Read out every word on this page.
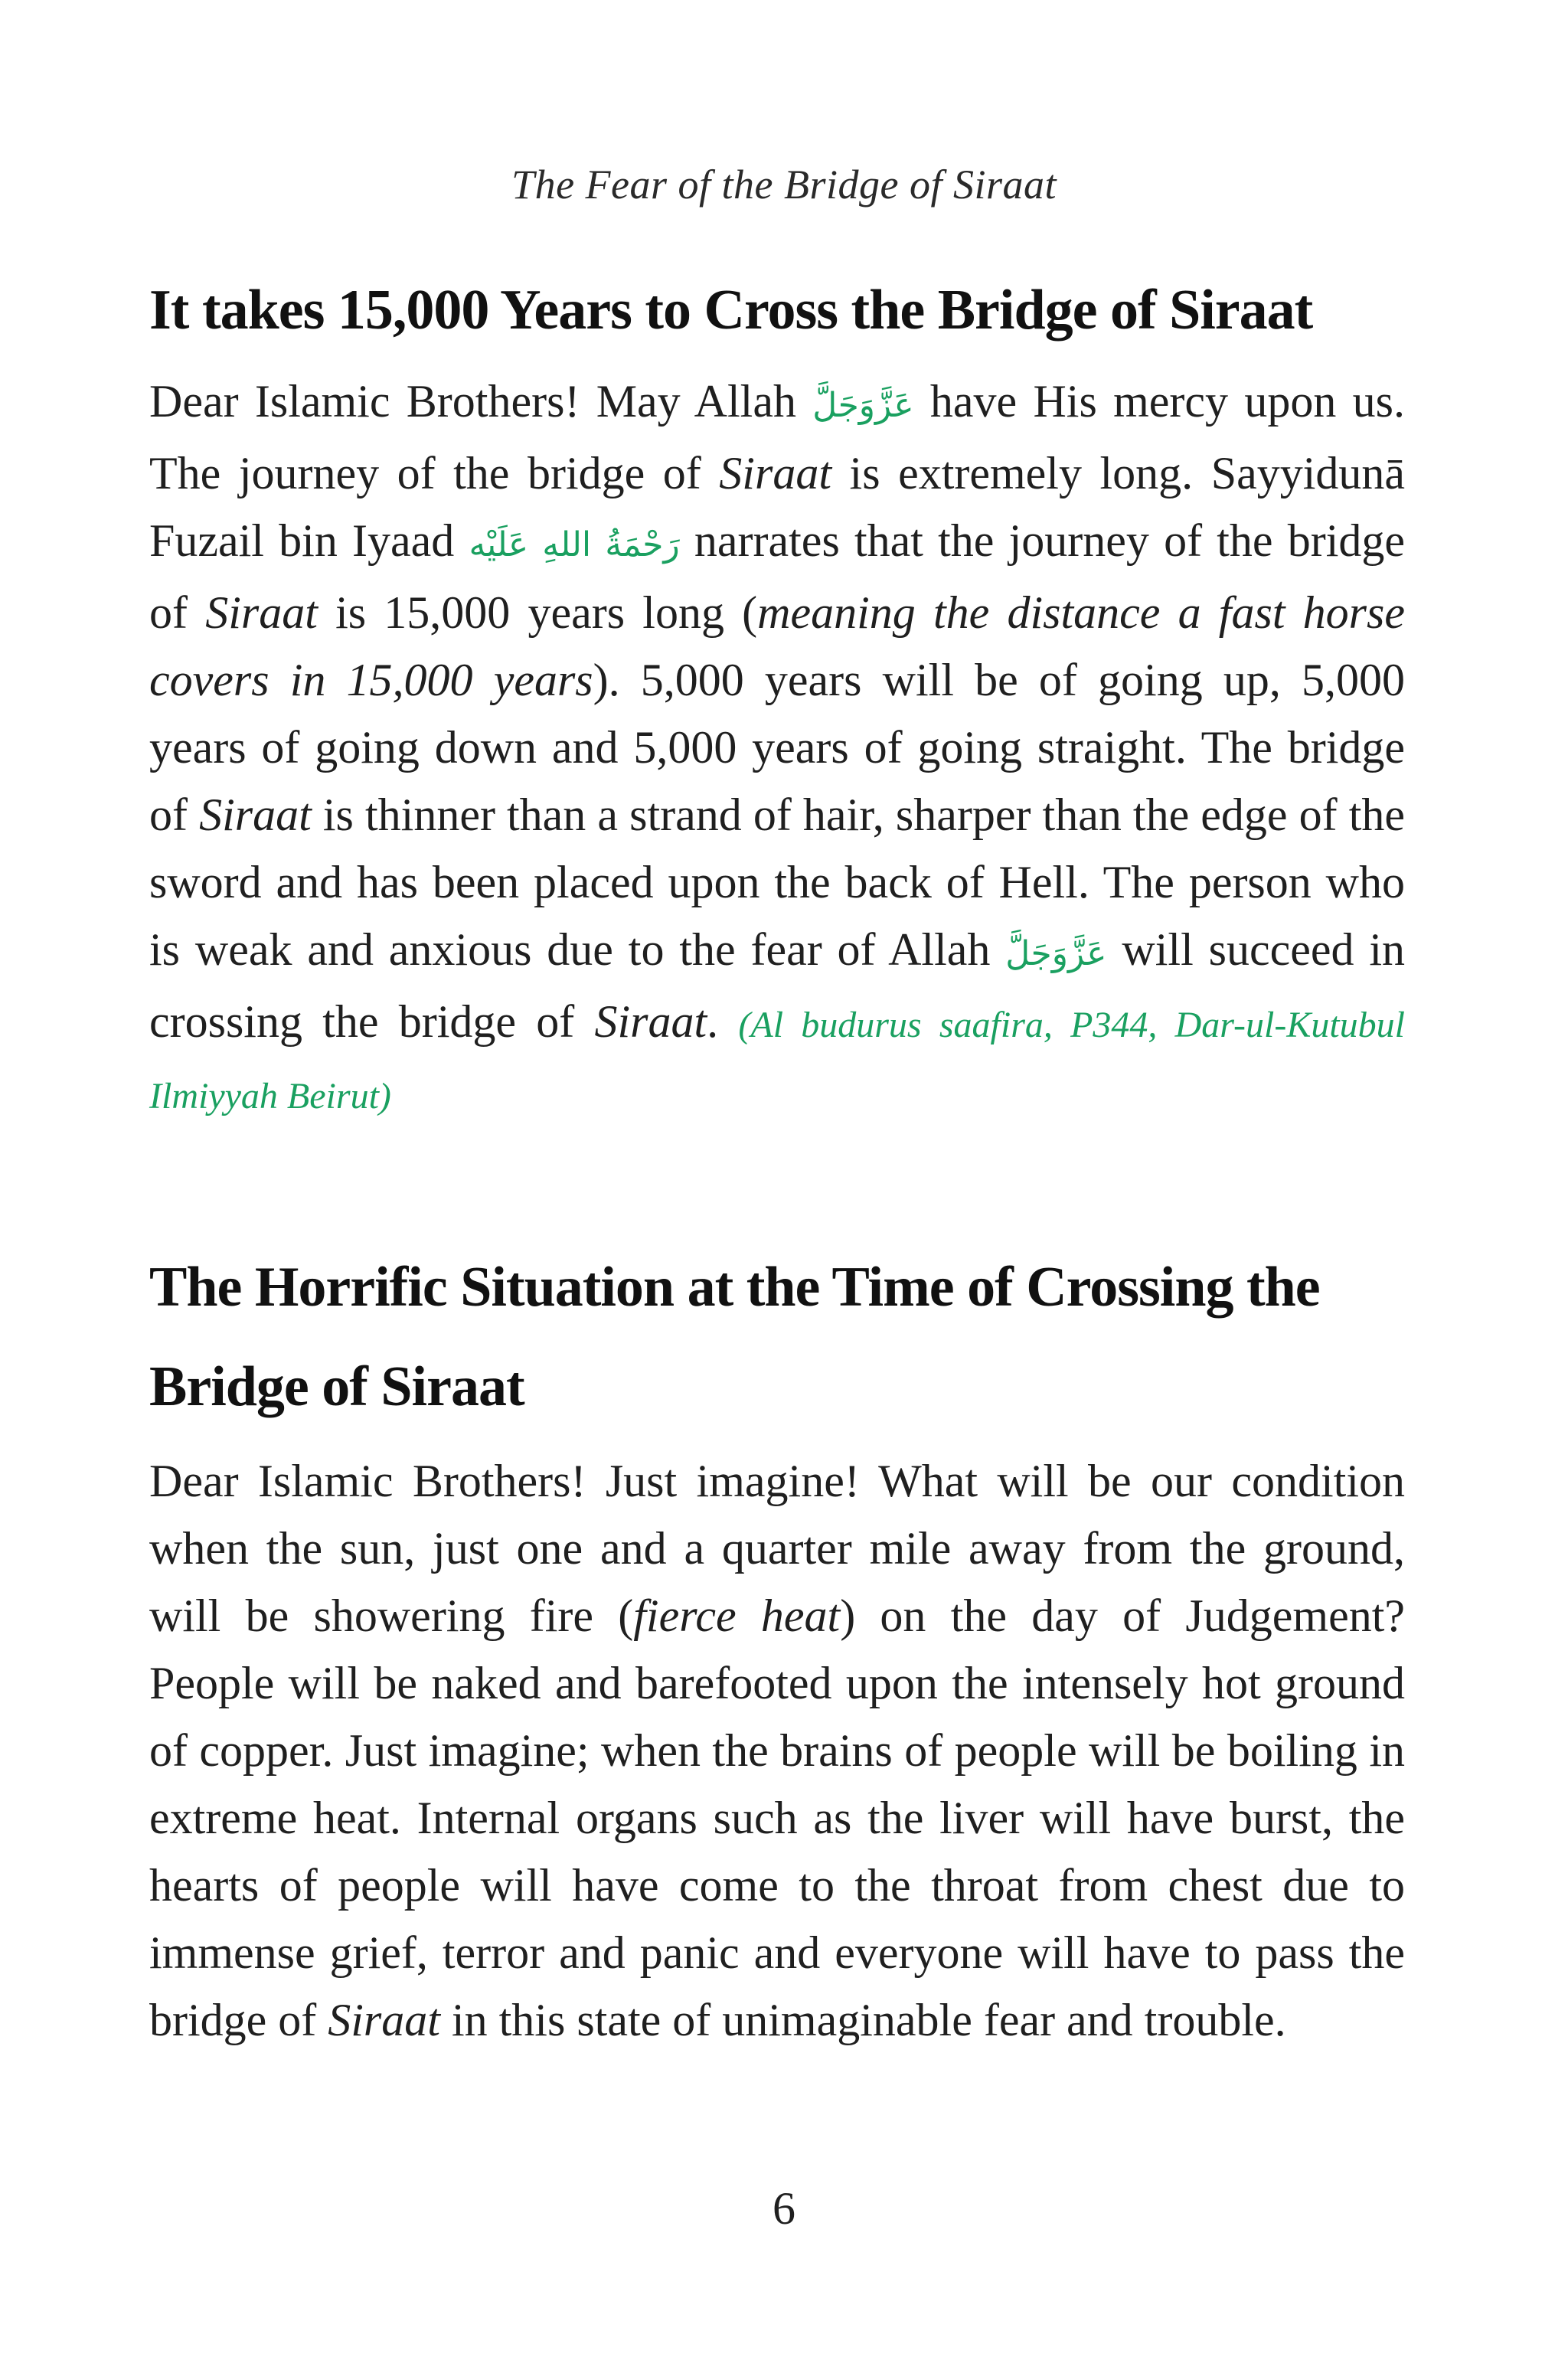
The Fear of the Bridge of Siraat
It takes 15,000 Years to Cross the Bridge of Siraat

Dear Islamic Brothers! May Allah عَزَّوَجَلَّ have His mercy upon us. The journey of the bridge of Siraat is extremely long. Sayyidunā Fuzail bin Iyaad رَحْمَةُ اللهِ عَلَيْه narrates that the journey of the bridge of Siraat is 15,000 years long (meaning the distance a fast horse covers in 15,000 years). 5,000 years will be of going up, 5,000 years of going down and 5,000 years of going straight. The bridge of Siraat is thinner than a strand of hair, sharper than the edge of the sword and has been placed upon the back of Hell. The person who is weak and anxious due to the fear of Allah عَزَّوَجَلَّ will succeed in crossing the bridge of Siraat. (Al budurus saafira, P344, Dar-ul-Kutubul Ilmiyyah Beirut)

The Horrific Situation at the Time of Crossing the Bridge of Siraat

Dear Islamic Brothers! Just imagine! What will be our condition when the sun, just one and a quarter mile away from the ground, will be showering fire (fierce heat) on the day of Judgement? People will be naked and barefooted upon the intensely hot ground of copper. Just imagine; when the brains of people will be boiling in extreme heat. Internal organs such as the liver will have burst, the hearts of people will have come to the throat from chest due to immense grief, terror and panic and everyone will have to pass the bridge of Siraat in this state of unimaginable fear and trouble.

6
